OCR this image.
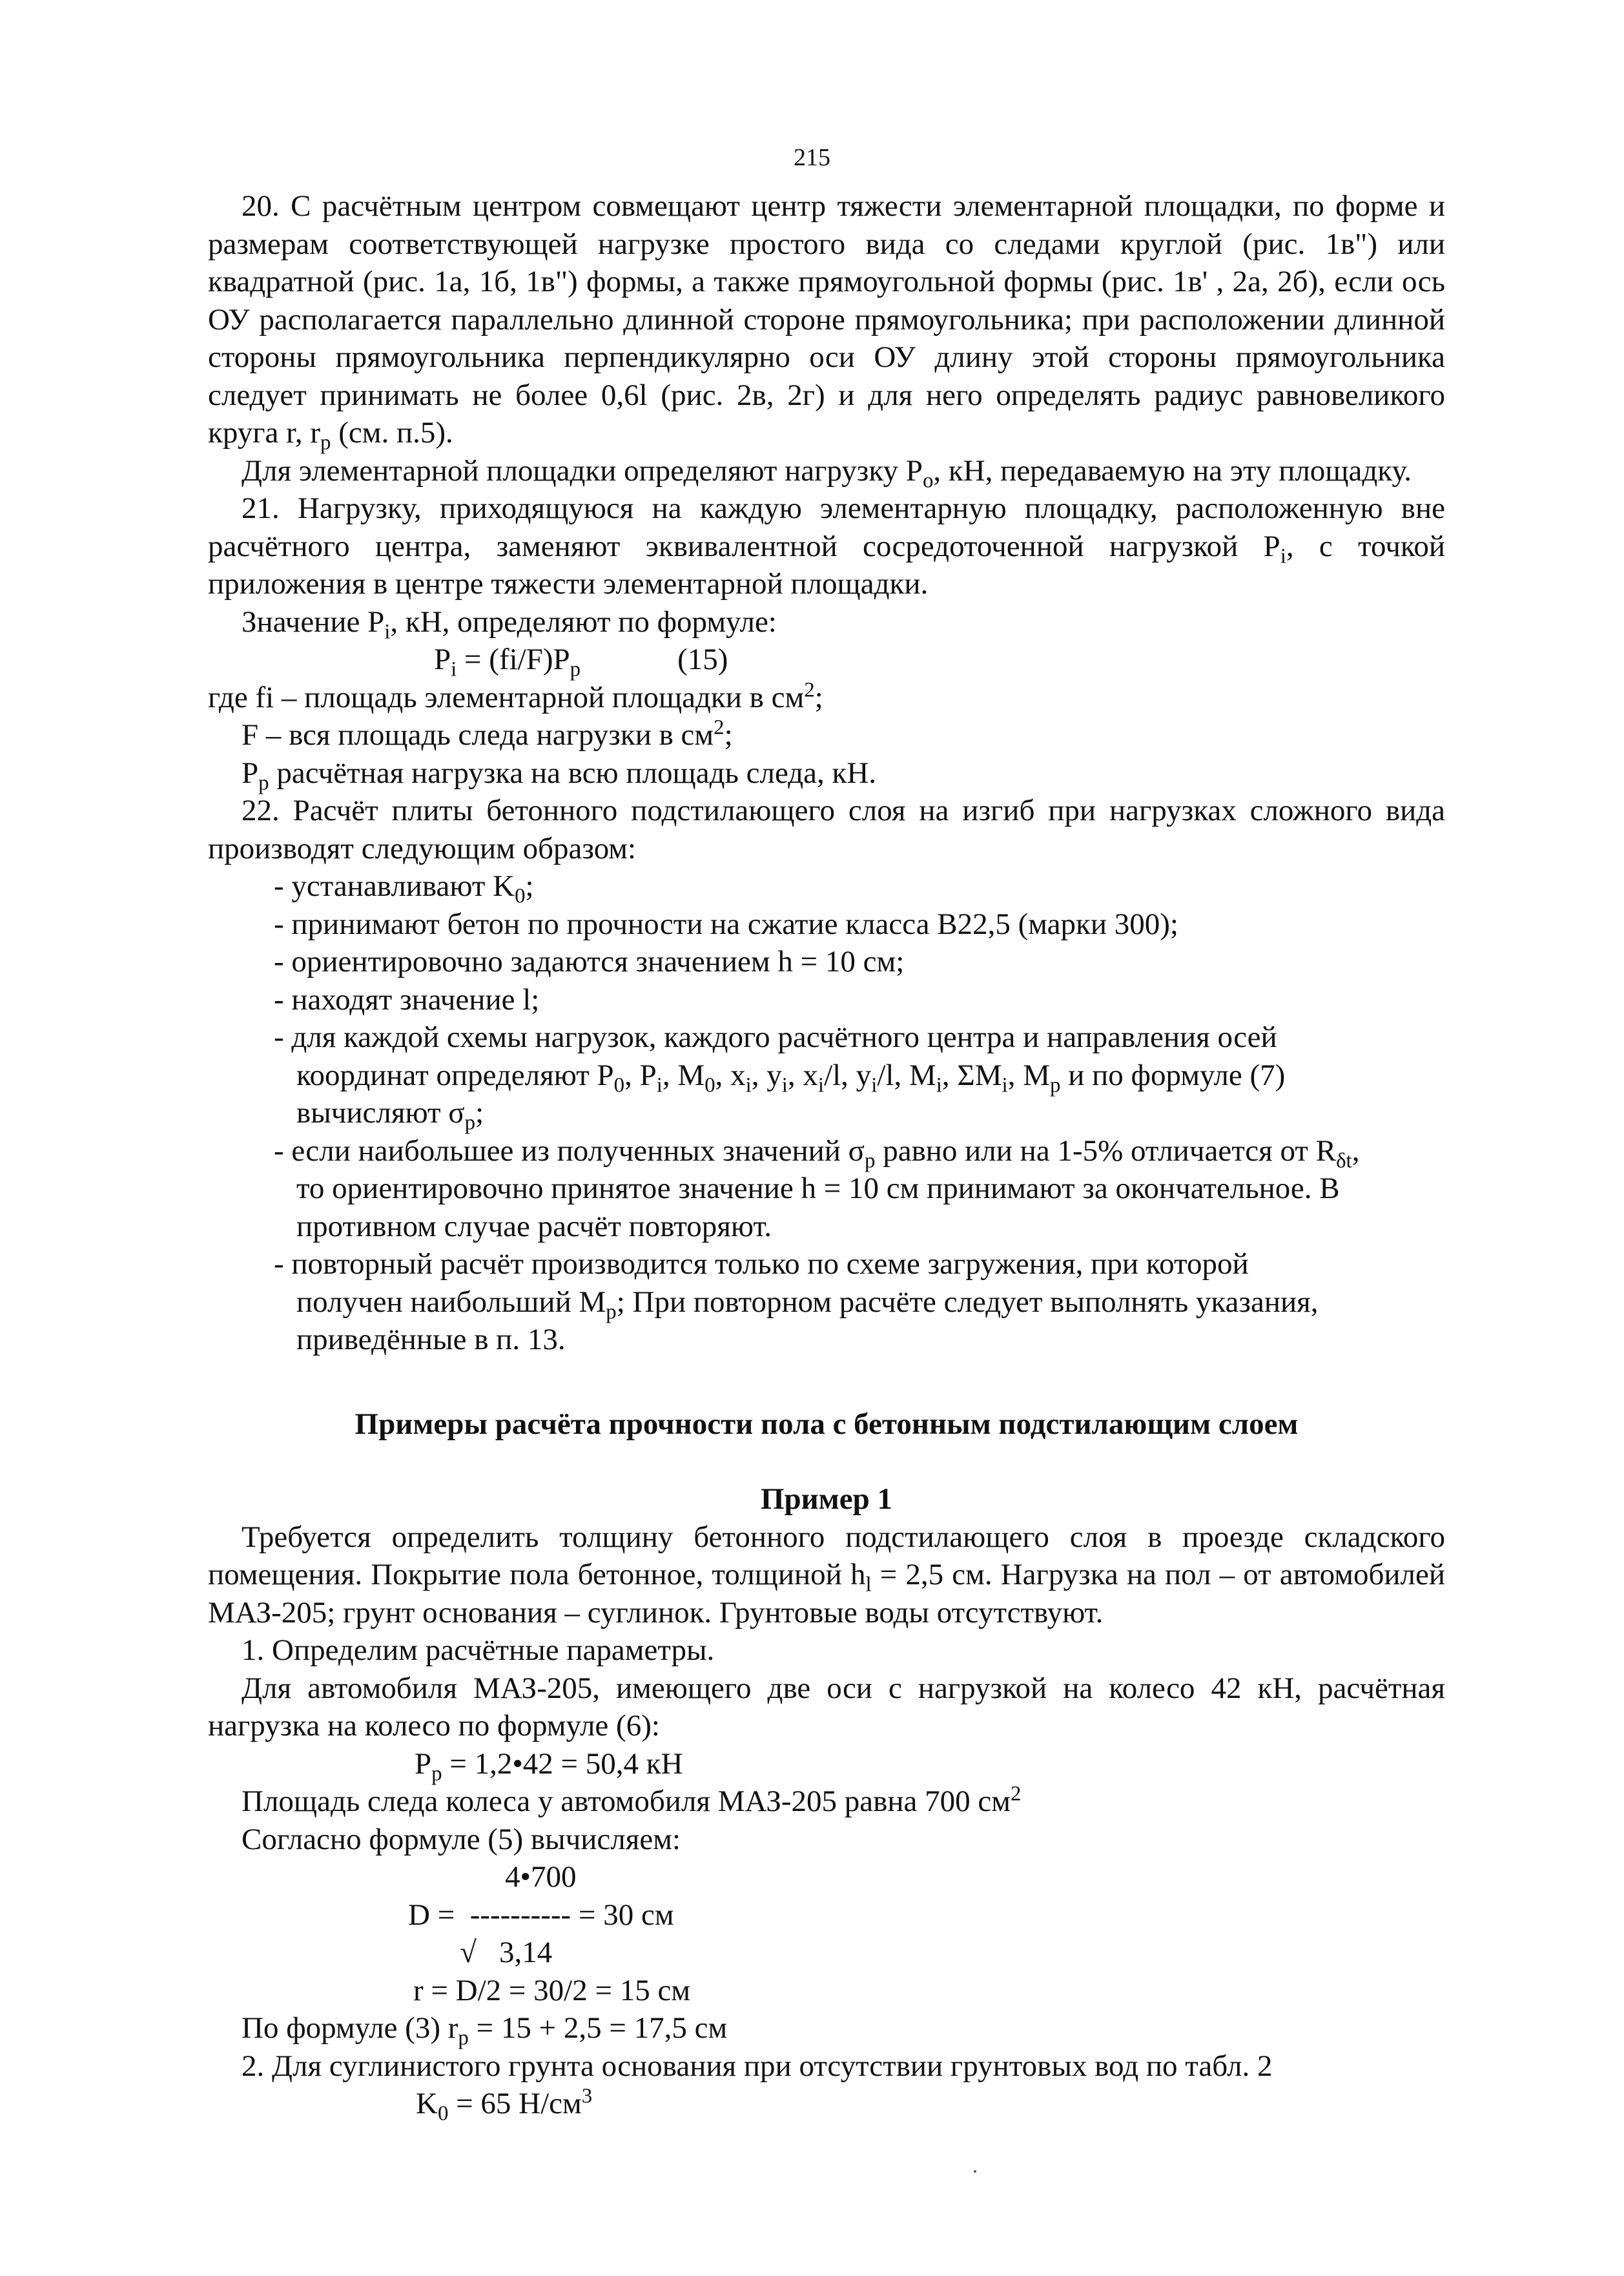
215

20. С расчётным центром совмещают центр тяжести элементарной площадки, по форме и размерам соответствующей нагрузке простого вида со следами круглой (рис. 1в") или квадратной (рис. 1а, 1б, 1в") формы, а также прямоугольной формы (рис. 1в' , 2а, 2б), если ось ОУ располагается параллельно длинной стороне прямоугольника; при расположении длинной стороны прямоугольника перпендикулярно оси ОУ длину этой стороны прямоугольника следует принимать не более 0,6l (рис. 2в, 2г) и для него определять радиус равновеликого круга r, $r_p$ (см. п.5).

Для элементарной площадки определяют нагрузку $P_o$, кН, передаваемую на эту площадку.

21. Нагрузку, приходящуюся на каждую элементарную площадку, расположенную вне расчётного центра, заменяют эквивалентной сосредоточенной нагрузкой $P_i$, с точкой приложения в центре тяжести элементарной площадки.

Значение $P_i$, кН, определяют по формуле:

$P_i = (fi/F)P_p$	(15)

где fi – площадь элементарной площадки в $см^2$;

F – вся площадь следа нагрузки в $см^2$;

$P_p$ расчётная нагрузка на всю площадь следа, кН.

22. Расчёт плиты бетонного подстилающего слоя на изгиб при нагрузках сложного вида производят следующим образом:

- устанавливают $K_0$;

- принимают бетон по прочности на сжатие класса В22,5 (марки 300);

- ориентировочно задаются значением h = 10 см;

- находят значение l;

- для каждой схемы нагрузок, каждого расчётного центра и направления осей координат определяют $P_0$, $P_i$, $M_0$, $x_i$, $y_i$, $x_i/l$, $y_i/l$, $M_i$, $\Sigma M_i$, $M_p$ и по формуле (7) вычисляют $\sigma_p$;

- если наибольшее из полученных значений $\sigma_p$ равно или на 1-5% отличается от $R_{\delta t}$, то ориентировочно принятое значение h = 10 см принимают за окончательное. В противном случае расчёт повторяют.

- повторный расчёт производится только по схеме загружения, при которой получен наибольший $M_p$; При повторном расчёте следует выполнять указания, приведённые в п. 13.

Примеры расчёта прочности пола с бетонным подстилающим слоем

Пример 1

Требуется определить толщину бетонного подстилающего слоя в проезде складского помещения. Покрытие пола бетонное, толщиной $h_l = 2,5$ см. Нагрузка на пол – от автомобилей МАЗ-205; грунт основания – суглинок. Грунтовые воды отсутствуют.

1. Определим расчётные параметры.

Для автомобиля МАЗ-205, имеющего две оси с нагрузкой на колесо 42 кН, расчётная нагрузка на колесо по формуле (6):

$P_p$ = 1,2•42 = 50,4 кН

Площадь следа колеса у автомобиля МАЗ-205 равна 700 $см^2$

Согласно формуле (5) вычисляем:

4•700

D =  ---------- = 30 см

√   3,14

r = D/2 = 30/2 = 15 см

По формуле (3) $r_p = 15 + 2,5 = 17,5$ см

2. Для суглинистого грунта основания при отсутствии грунтовых вод по табл. 2

$K_0 = 65$ $Н/см^3$
